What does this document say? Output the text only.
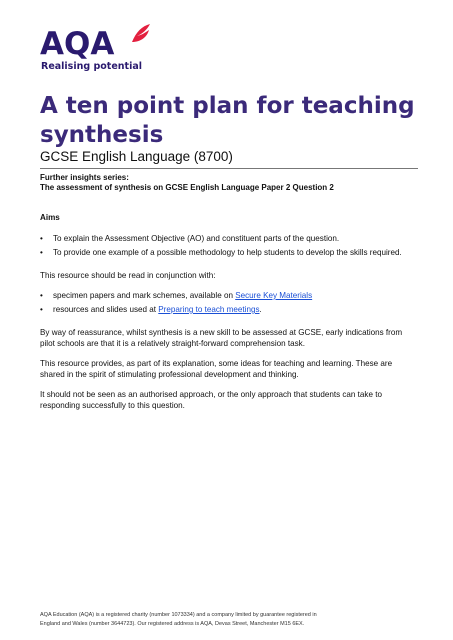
AQA
Realising potential
A ten point plan for teaching synthesis

GCSE English Language (8700)

Further insights series:
The assessment of synthesis on GCSE English Language Paper 2 Question 2

Aims

• To explain the Assessment Objective (AO) and constituent parts of the question.
• To provide one example of a possible methodology to help students to develop the skills required.

This resource should be read in conjunction with:

• specimen papers and mark schemes, available on Secure Key Materials
• resources and slides used at Preparing to teach meetings.

By way of reassurance, whilst synthesis is a new skill to be assessed at GCSE, early indications from pilot schools are that it is a relatively straight-forward comprehension task.

This resource provides, as part of its explanation, some ideas for teaching and learning. These are shared in the spirit of stimulating professional development and thinking.

It should not be seen as an authorised approach, or the only approach that students can take to responding successfully to this question.

AQA Education (AQA) is a registered charity (number 1073334) and a company limited by guarantee registered in
England and Wales (number 3644723). Our registered address is AQA, Devas Street, Manchester M15 6EX.
